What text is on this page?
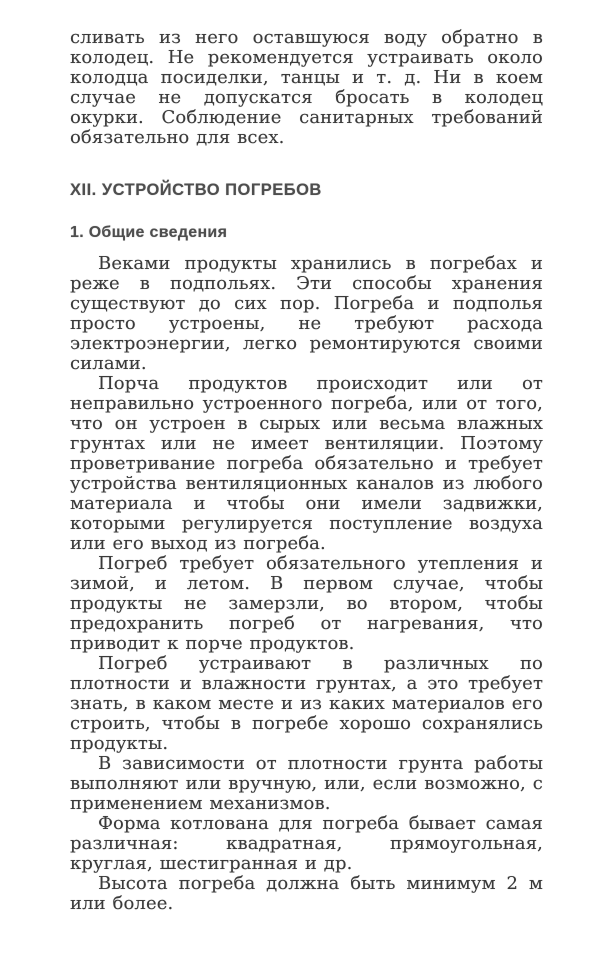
сливать из него оставшуюся воду обратно в колодец. Не рекомендуется устраивать около колодца посиделки, танцы и т. д. Ни в коем случае не допускатся бросать в колодец окурки. Соблюдение санитарных требований обязательно для всех.

XII. УСТРОЙСТВО ПОГРЕБОВ
1. Общие сведения

Веками продукты хранились в погребах и реже в подпольях. Эти способы хранения существуют до сих пор. Погреба и подполья просто устроены, не требуют расхода электроэнергии, легко ремонтируются своими силами.

Порча продуктов происходит или от неправильно устроенного погреба, или от того, что он устроен в сырых или весьма влажных грунтах или не имеет вентиляции. Поэтому проветривание погреба обязательно и требует устройства вентиляционных каналов из любого материала и чтобы они имели задвижки, которыми регулируется поступление воздуха или его выход из погреба.

Погреб требует обязательного утепления и зимой, и летом. В первом случае, чтобы продукты не замерзли, во втором, чтобы предохранить погреб от нагревания, что приводит к порче продуктов.

Погреб устраивают в различных по плотности и влажности грунтах, а это требует знать, в каком месте и из каких материалов его строить, чтобы в погребе хорошо сохранялись продукты.

В зависимости от плотности грунта работы выполняют или вручную, или, если возможно, с применением механизмов.

Форма котлована для погреба бывает самая различная: квадратная, прямоугольная, круглая, шестигранная и др.

Высота погреба должна быть минимум 2 м или более.
